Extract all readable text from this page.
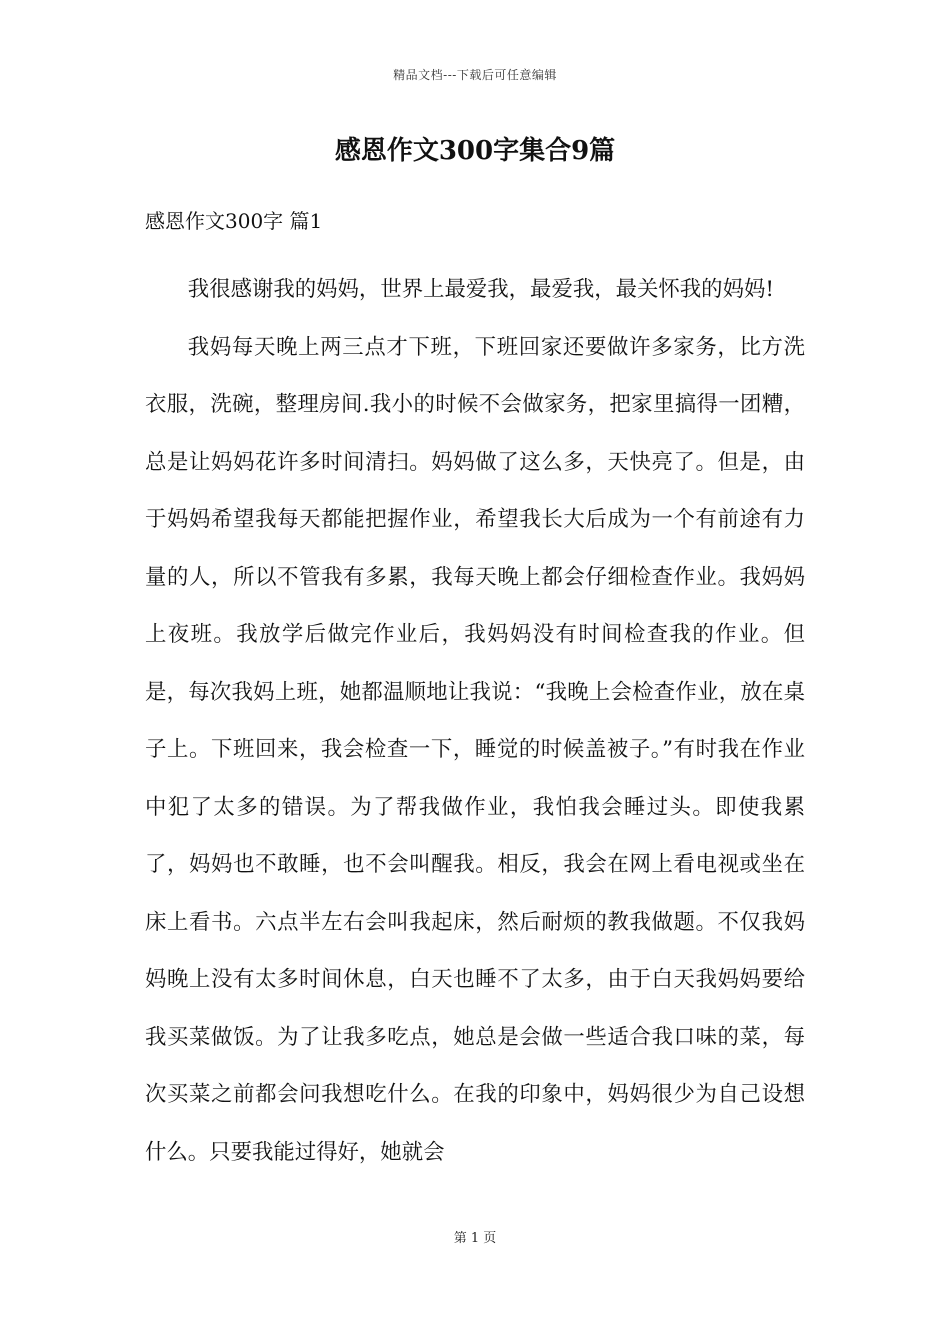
精品文档---下载后可任意编辑
感恩作文300字集合9篇
感恩作文300字 篇1

我很感谢我的妈妈，世界上最爱我，最爱我，最关怀我的妈妈!

我妈每天晚上两三点才下班，下班回家还要做许多家务，比方洗衣服，洗碗，整理房间.我小的时候不会做家务，把家里搞得一团糟，总是让妈妈花许多时间清扫。妈妈做了这么多，天快亮了。但是，由于妈妈希望我每天都能把握作业，希望我长大后成为一个有前途有力量的人，所以不管我有多累，我每天晚上都会仔细检查作业。我妈妈上夜班。我放学后做完作业后，我妈妈没有时间检查我的作业。但是，每次我妈上班，她都温顺地让我说：“我晚上会检查作业，放在桌子上。下班回来，我会检查一下，睡觉的时候盖被子。”有时我在作业中犯了太多的错误。为了帮我做作业，我怕我会睡过头。即使我累了，妈妈也不敢睡，也不会叫醒我。相反，我会在网上看电视或坐在床上看书。六点半左右会叫我起床，然后耐烦的教我做题。不仅我妈妈晚上没有太多时间休息，白天也睡不了太多，由于白天我妈妈要给我买菜做饭。为了让我多吃点，她总是会做一些适合我口味的菜，每次买菜之前都会问我想吃什么。在我的印象中，妈妈很少为自己设想什么。只要我能过得好，她就会

第 1 页
